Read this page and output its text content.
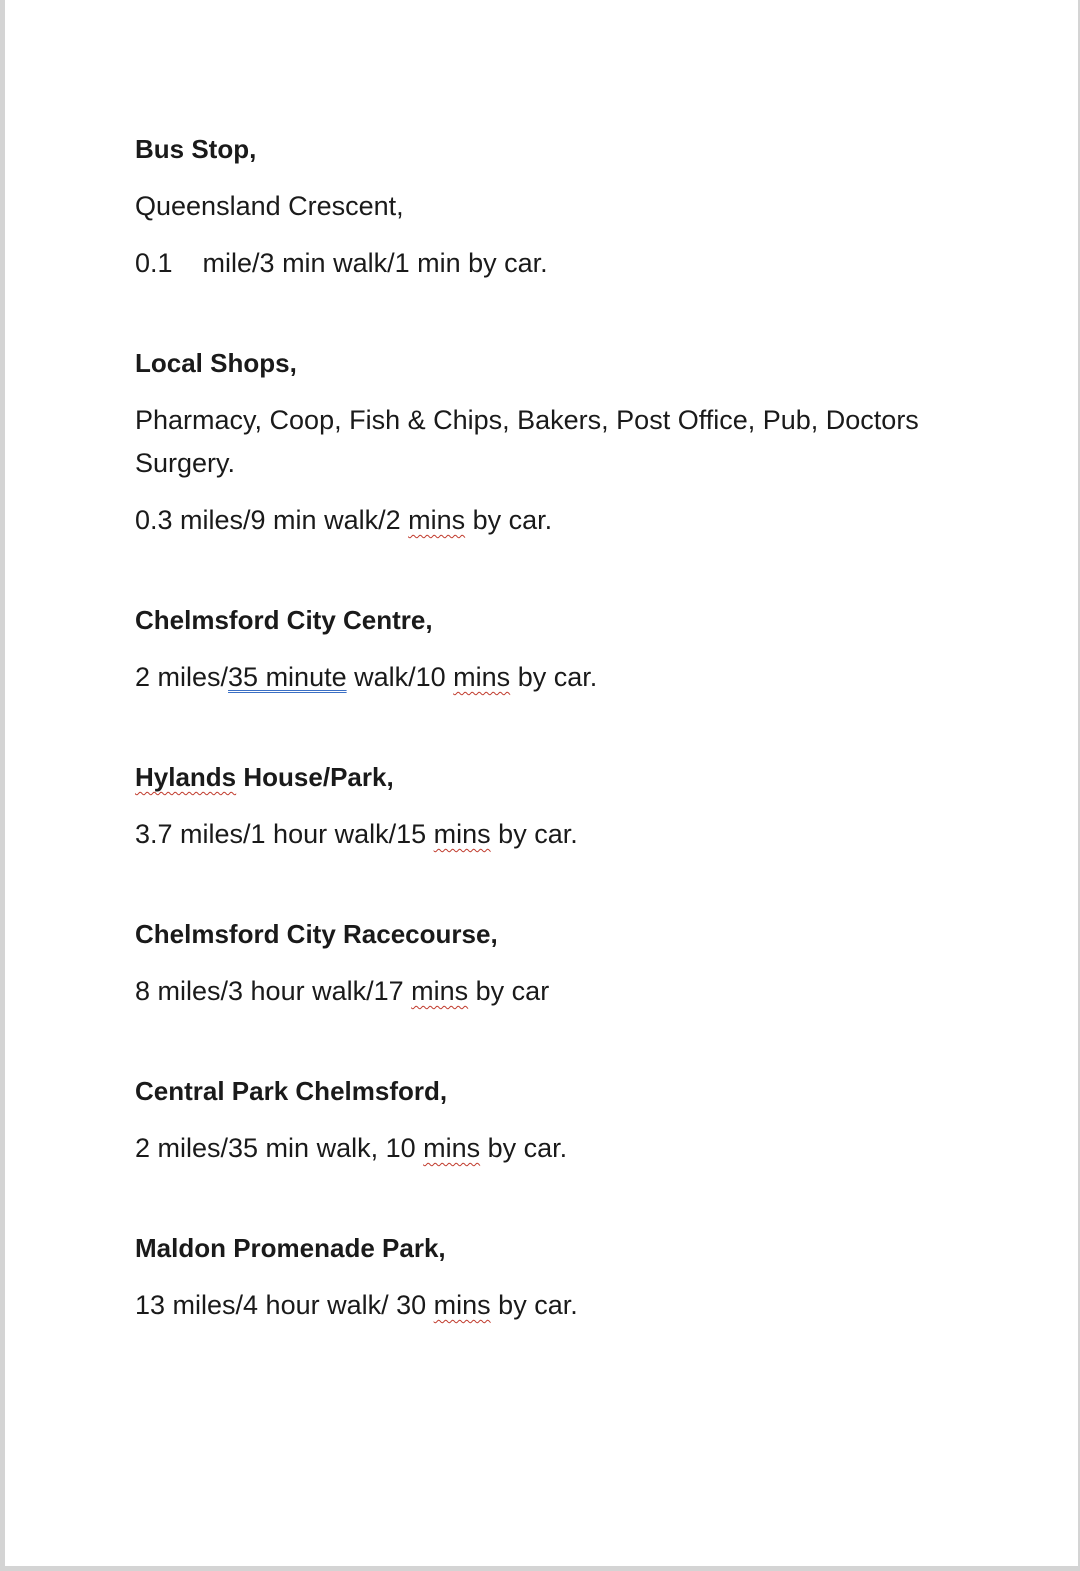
Bus Stop,

Queensland Crescent,

0.1 mile/3 min walk/1 min by car.

Local Shops,

Pharmacy, Coop, Fish & Chips, Bakers, Post Office, Pub, Doctors Surgery.

0.3 miles/9 min walk/2 mins by car.

Chelmsford City Centre,

2 miles/35 minute walk/10 mins by car.

Hylands House/Park,

3.7 miles/1 hour walk/15 mins by car.

Chelmsford City Racecourse,

8 miles/3 hour walk/17 mins by car

Central Park Chelmsford,

2 miles/35 min walk, 10 mins by car.

Maldon Promenade Park,

13 miles/4 hour walk/ 30 mins by car.
